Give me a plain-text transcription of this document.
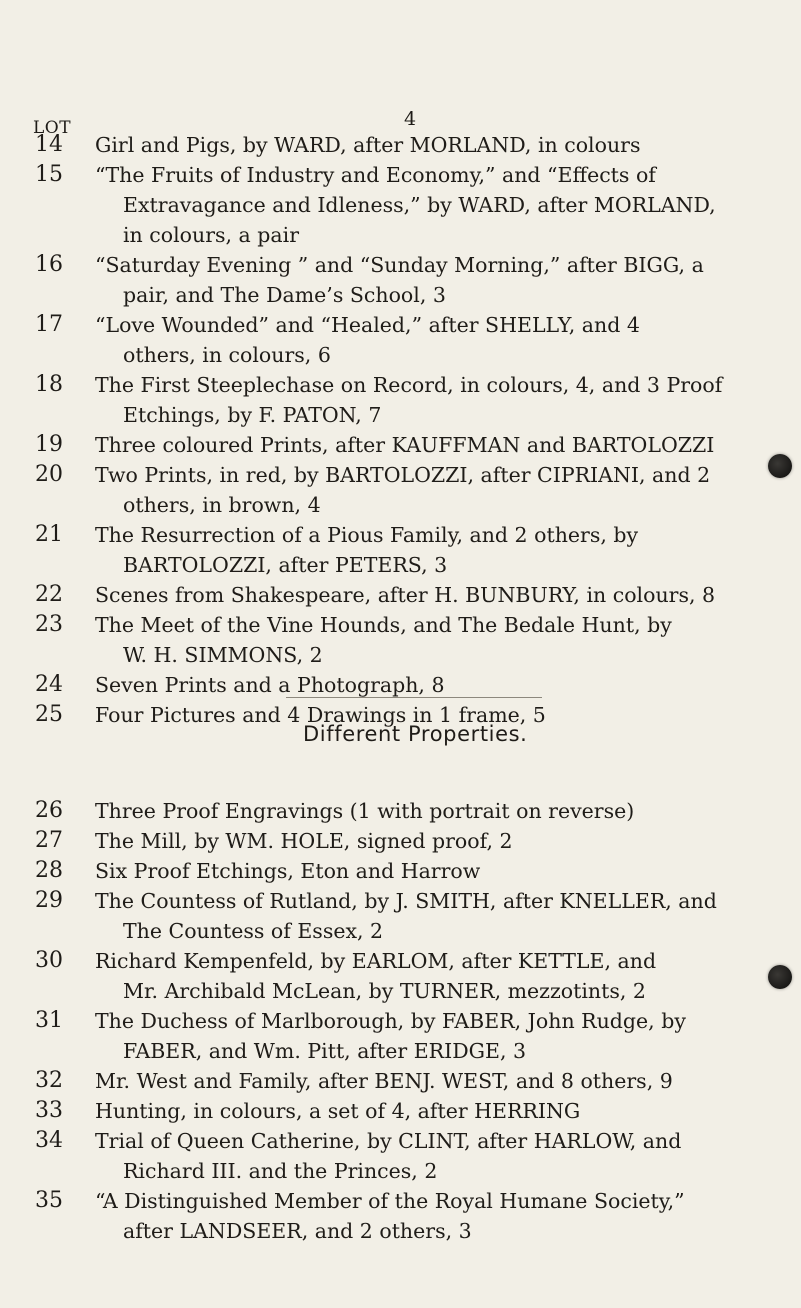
LOT	4
14	Girl and Pigs, by WARD, after MORLAND, in colours
15	“The Fruits of Industry and Economy,” and “Effects of
Extravagance and Idleness,” by WARD, after MORLAND,
in colours, a pair
16	“Saturday Evening ” and “Sunday Morning,” after BIGG, a
pair, and The Dame’s School, 3
17	“Love Wounded” and “Healed,” after SHELLY, and 4
others, in colours, 6
18	The First Steeplechase on Record, in colours, 4, and 3 Proof
Etchings, by F. PATON, 7
19	Three coloured Prints, after KAUFFMAN and BARTOLOZZI
20	Two Prints, in red, by BARTOLOZZI, after CIPRIANI, and 2
others, in brown, 4
21	The Resurrection of a Pious Family, and 2 others, by
BARTOLOZZI, after PETERS, 3
22	Scenes from Shakespeare, after H. BUNBURY, in colours, 8
23	The Meet of the Vine Hounds, and The Bedale Hunt, by
W. H. SIMMONS, 2
24	Seven Prints and a Photograph, 8
25	Four Pictures and 4 Drawings in 1 frame, 5
26	Three Proof Engravings (1 with portrait on reverse)
27	The Mill, by WM. HOLE, signed proof, 2
28	Six Proof Etchings, Eton and Harrow
29	The Countess of Rutland, by J. SMITH, after KNELLER, and
The Countess of Essex, 2
30	Richard Kempenfeld, by EARLOM, after KETTLE, and
Mr. Archibald McLean, by TURNER, mezzotints, 2
31	The Duchess of Marlborough, by FABER, John Rudge, by
FABER, and Wm. Pitt, after ERIDGE, 3
32	Mr. West and Family, after BENJ. WEST, and 8 others, 9
33	Hunting, in colours, a set of 4, after HERRING
34	Trial of Queen Catherine, by CLINT, after HARLOW, and
Richard III. and the Princes, 2
35	“A Distinguished Member of the Royal Humane Society,”
after LANDSEER, and 2 others, 3
Different Properties.
